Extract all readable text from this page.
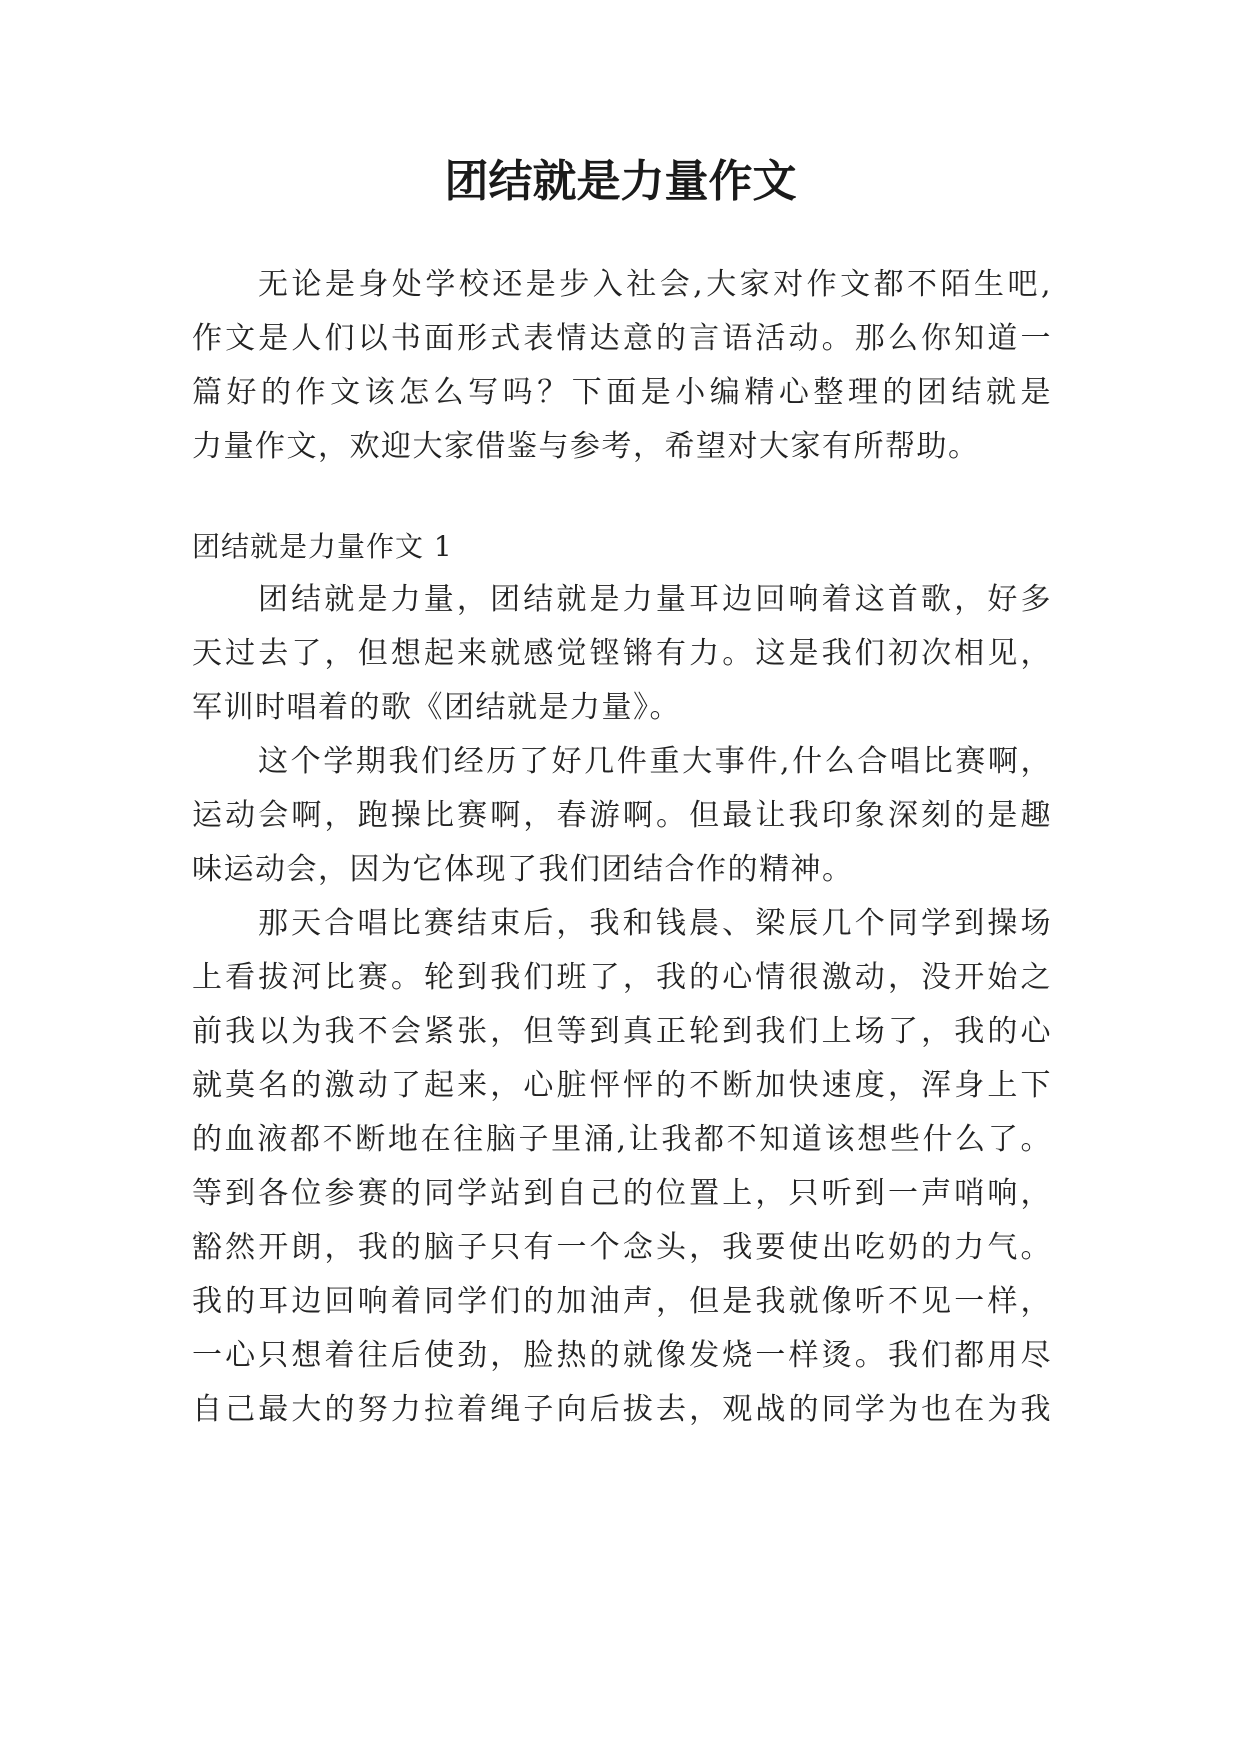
团结就是力量作文

无论是身处学校还是步入社会,大家对作文都不陌生吧,

作文是人们以书面形式表情达意的言语活动。那么你知道一

篇好的作文该怎么写吗？下面是小编精心整理的团结就是

力量作文，欢迎大家借鉴与参考，希望对大家有所帮助。

团结就是力量作文 1

团结就是力量，团结就是力量耳边回响着这首歌，好多

天过去了，但想起来就感觉铿锵有力。这是我们初次相见，

军训时唱着的歌《团结就是力量》。

这个学期我们经历了好几件重大事件,什么合唱比赛啊，

运动会啊，跑操比赛啊，春游啊。但最让我印象深刻的是趣

味运动会，因为它体现了我们团结合作的精神。

那天合唱比赛结束后，我和钱晨、梁辰几个同学到操场

上看拔河比赛。轮到我们班了，我的心情很激动，没开始之

前我以为我不会紧张，但等到真正轮到我们上场了，我的心

就莫名的激动了起来，心脏怦怦的不断加快速度，浑身上下

的血液都不断地在往脑子里涌,让我都不知道该想些什么了。

等到各位参赛的同学站到自己的位置上，只听到一声哨响，

豁然开朗，我的脑子只有一个念头，我要使出吃奶的力气。

我的耳边回响着同学们的加油声，但是我就像听不见一样，

一心只想着往后使劲，脸热的就像发烧一样烫。我们都用尽

自己最大的努力拉着绳子向后拔去，观战的同学为也在为我
